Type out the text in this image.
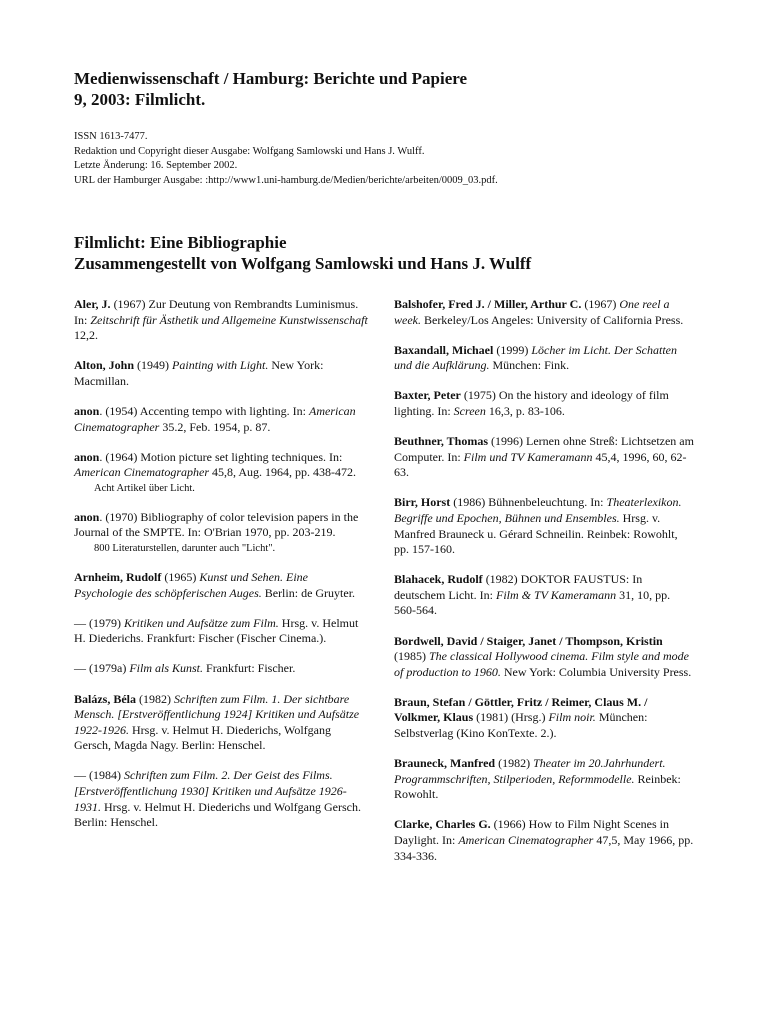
Medienwissenschaft / Hamburg: Berichte und Papiere
9, 2003: Filmlicht.
ISSN 1613-7477.
Redaktion und Copyright dieser Ausgabe: Wolfgang Samlowski und Hans J. Wulff.
Letzte Änderung: 16. September 2002.
URL der Hamburger Ausgabe: :http://www1.uni-hamburg.de/Medien/berichte/arbeiten/0009_03.pdf.
Filmlicht: Eine Bibliographie
Zusammengestellt von Wolfgang Samlowski und Hans J. Wulff
Aler, J. (1967) Zur Deutung von Rembrandts Luminismus. In: Zeitschrift für Ästhetik und Allgemeine Kunstwissenschaft 12,2.
Alton, John (1949) Painting with Light. New York: Macmillan.
anon. (1954) Accenting tempo with lighting. In: American Cinematographer 35.2, Feb. 1954, p. 87.
anon. (1964) Motion picture set lighting techniques. In: American Cinematographer 45,8, Aug. 1964, pp. 438-472.
Acht Artikel über Licht.
anon. (1970) Bibliography of color television papers in the Journal of the SMPTE. In: O'Brian 1970, pp. 203-219.
800 Literaturstellen, darunter auch "Licht".
Arnheim, Rudolf (1965) Kunst und Sehen. Eine Psychologie des schöpferischen Auges. Berlin: de Gruyter.
— (1979) Kritiken und Aufsätze zum Film. Hrsg. v. Helmut H. Diederichs. Frankfurt: Fischer (Fischer Cinema.).
— (1979a) Film als Kunst. Frankfurt: Fischer.
Balázs, Béla (1982) Schriften zum Film. 1. Der sichtbare Mensch. [Erstveröffentlichung 1924] Kritiken und Aufsätze 1922-1926. Hrsg. v. Helmut H. Diederichs, Wolfgang Gersch, Magda Nagy. Berlin: Henschel.
— (1984) Schriften zum Film. 2. Der Geist des Films. [Erstveröffentlichung 1930] Kritiken und Aufsätze 1926-1931. Hrsg. v. Helmut H. Diederichs und Wolfgang Gersch. Berlin: Henschel.
Balshofer, Fred J. / Miller, Arthur C. (1967) One reel a week. Berkeley/Los Angeles: University of California Press.
Baxandall, Michael (1999) Löcher im Licht. Der Schatten und die Aufklärung. München: Fink.
Baxter, Peter (1975) On the history and ideology of film lighting. In: Screen 16,3, p. 83-106.
Beuthner, Thomas (1996) Lernen ohne Streß: Lichtsetzen am Computer. In: Film und TV Kameramann 45,4, 1996, 60, 62-63.
Birr, Horst (1986) Bühnenbeleuchtung. In: Theaterlexikon. Begriffe und Epochen, Bühnen und Ensembles. Hrsg. v. Manfred Brauneck u. Gérard Schneilin. Reinbek: Rowohlt, pp. 157-160.
Blahacek, Rudolf (1982) DOKTOR FAUSTUS: In deutschem Licht. In: Film & TV Kameramann 31, 10, pp. 560-564.
Bordwell, David / Staiger, Janet / Thompson, Kristin (1985) The classical Hollywood cinema. Film style and mode of production to 1960. New York: Columbia University Press.
Braun, Stefan / Göttler, Fritz / Reimer, Claus M. / Volkmer, Klaus (1981) (Hrsg.) Film noir. München: Selbstverlag (Kino KonTexte. 2.).
Brauneck, Manfred (1982) Theater im 20.Jahrhundert. Programmschriften, Stilperioden, Reformmodelle. Reinbek: Rowohlt.
Clarke, Charles G. (1966) How to Film Night Scenes in Daylight. In: American Cinematographer 47,5, May 1966, pp. 334-336.
